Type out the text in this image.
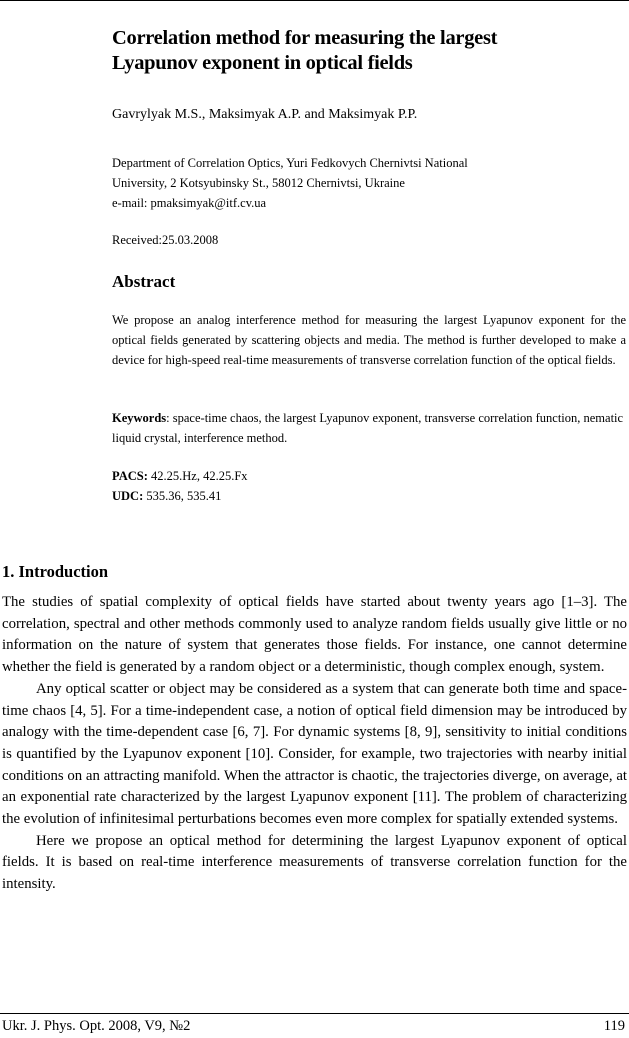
Correlation method for measuring the largest
Lyapunov exponent in optical fields
Gavrylyak M.S., Maksimyak A.P. and Maksimyak P.P.
Department of Correlation Optics, Yuri Fedkovych Chernivtsi National
University, 2 Kotsyubinsky St., 58012 Chernivtsi, Ukraine
e-mail: pmaksimyak@itf.cv.ua
Received:25.03.2008
Abstract
We propose an analog interference method for measuring the largest Lyapunov exponent for the optical fields generated by scattering objects and media. The method is further developed to make a device for high-speed real-time measurements of transverse correlation function of the optical fields.
Keywords: space-time chaos, the largest Lyapunov exponent, transverse correlation function, nematic liquid crystal, interference method.
PACS: 42.25.Hz, 42.25.Fx
UDC: 535.36, 535.41
1. Introduction

The studies of spatial complexity of optical fields have started about twenty years ago [1–3]. The correlation, spectral and other methods commonly used to analyze random fields usually give little or no information on the nature of system that generates those fields. For instance, one cannot determine whether the field is generated by a random object or a deterministic, though complex enough, system.

Any optical scatter or object may be considered as a system that can generate both time and space-time chaos [4, 5]. For a time-independent case, a notion of optical field dimension may be introduced by analogy with the time-dependent case [6, 7]. For dynamic systems [8, 9], sensitivity to initial conditions is quantified by the Lyapunov exponent [10]. Consider, for example, two trajectories with nearby initial conditions on an attracting manifold. When the attractor is chaotic, the trajectories diverge, on average, at an exponential rate characterized by the largest Lyapunov exponent [11]. The problem of characterizing the evolution of infinitesimal perturbations becomes even more complex for spatially extended systems.

Here we propose an optical method for determining the largest Lyapunov exponent of optical fields. It is based on real-time interference measurements of transverse correlation function for the intensity.

Ukr. J. Phys. Opt. 2008, V9, №2	119
